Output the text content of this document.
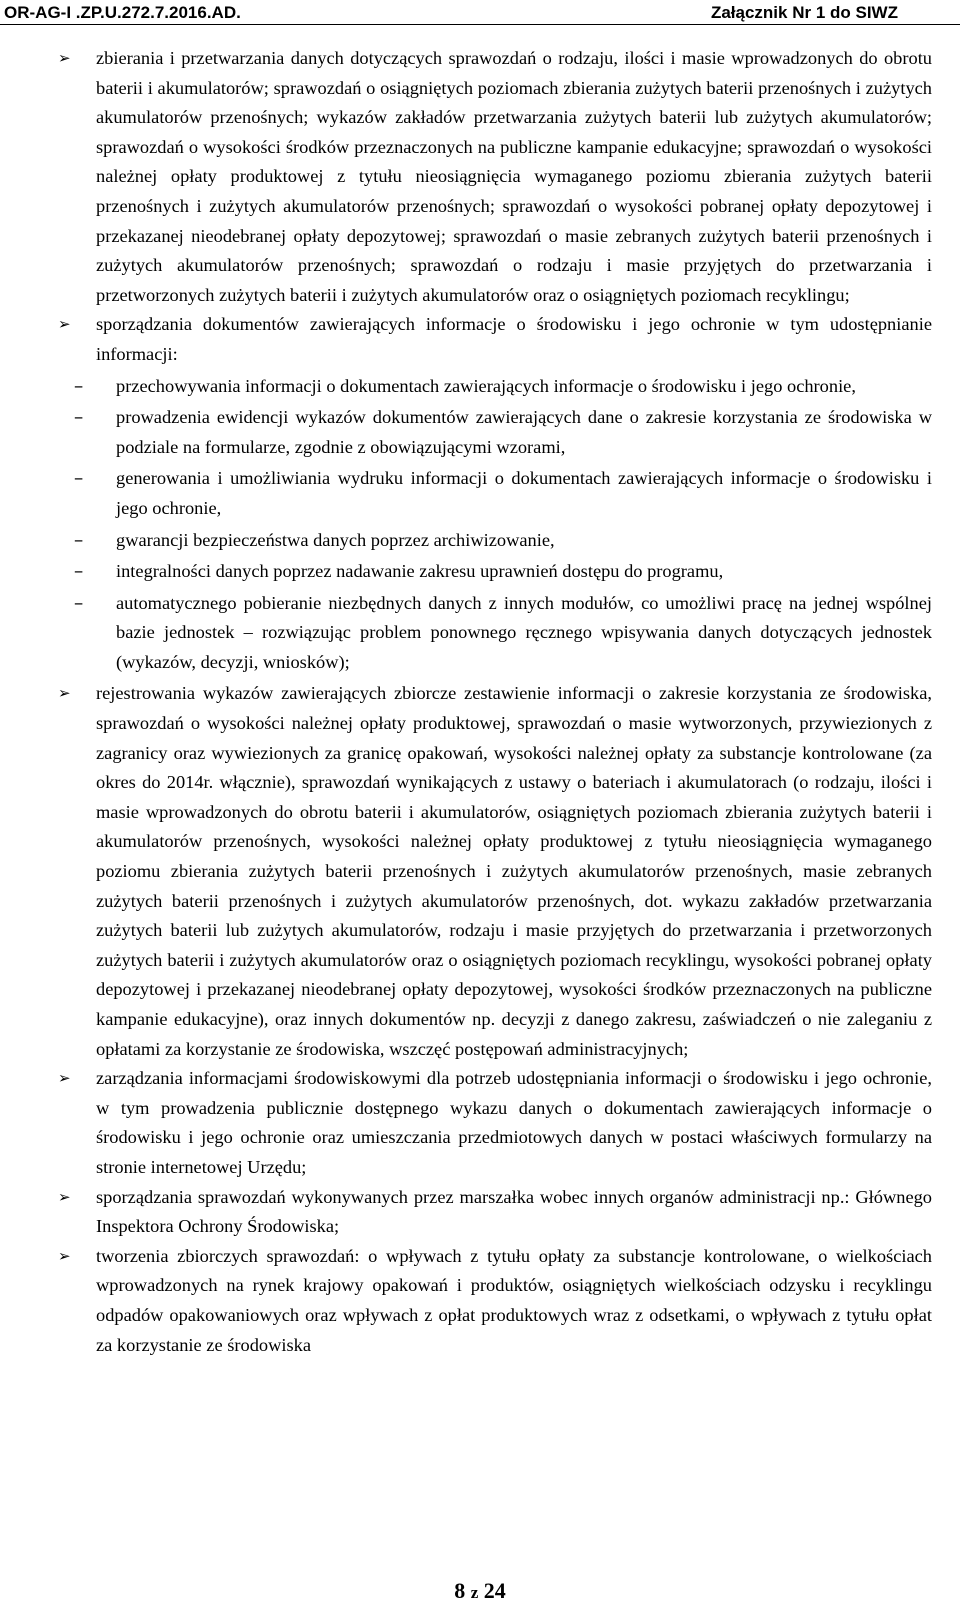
OR-AG-I .ZP.U.272.7.2016.AD.	Załącznik Nr 1 do SIWZ
➢ zbierania i przetwarzania danych dotyczących sprawozdań o rodzaju, ilości i masie wprowadzonych do obrotu baterii i akumulatorów; sprawozdań o osiągniętych poziomach zbierania zużytych baterii przenośnych i zużytych akumulatorów przenośnych; wykazów zakładów przetwarzania zużytych baterii lub zużytych akumulatorów; sprawozdań o wysokości środków przeznaczonych na publiczne kampanie edukacyjne; sprawozdań o wysokości należnej opłaty produktowej z tytułu nieosiągnięcia wymaganego poziomu zbierania zużytych baterii przenośnych i zużytych akumulatorów przenośnych; sprawozdań o wysokości pobranej opłaty depozytowej i przekazanej nieodebranej opłaty depozytowej; sprawozdań o masie zebranych zużytych baterii przenośnych i zużytych akumulatorów przenośnych; sprawozdań o rodzaju i masie przyjętych do przetwarzania i przetworzonych zużytych baterii i zużytych akumulatorów oraz o osiągniętych poziomach recyklingu;
➢ sporządzania dokumentów zawierających informacje o środowisku i jego ochronie w tym udostępnianie informacji:
– przechowywania informacji o dokumentach zawierających informacje o środowisku i jego ochronie,
– prowadzenia ewidencji wykazów dokumentów zawierających dane o zakresie korzystania ze środowiska w podziale na formularze, zgodnie z obowiązującymi wzorami,
– generowania i umożliwiania wydruku informacji o dokumentach zawierających informacje o środowisku i jego ochronie,
– gwarancji bezpieczeństwa danych poprzez archiwizowanie,
– integralności danych poprzez nadawanie zakresu uprawnień dostępu do programu,
– automatycznego pobieranie niezbędnych danych z innych modułów, co umożliwi pracę na jednej wspólnej bazie jednostek – rozwiązując problem ponownego ręcznego wpisywania danych dotyczących jednostek (wykazów, decyzji, wniosków);
➢ rejestrowania wykazów zawierających zbiorcze zestawienie informacji o zakresie korzystania ze środowiska, sprawozdań o wysokości należnej opłaty produktowej, sprawozdań o masie wytworzonych, przywiezionych z zagranicy oraz wywiezionych za granicę opakowań, wysokości należnej opłaty za substancje kontrolowane (za okres do 2014r. włącznie), sprawozdań wynikających z ustawy o bateriach i akumulatorach (o rodzaju, ilości i masie wprowadzonych do obrotu baterii i akumulatorów, osiągniętych poziomach zbierania zużytych baterii i akumulatorów przenośnych, wysokości należnej opłaty produktowej z tytułu nieosiągnięcia wymaganego poziomu zbierania zużytych baterii przenośnych i zużytych akumulatorów przenośnych, masie zebranych zużytych baterii przenośnych i zużytych akumulatorów przenośnych, dot. wykazu zakładów przetwarzania zużytych baterii lub zużytych akumulatorów, rodzaju i masie przyjętych do przetwarzania i przetworzonych zużytych baterii i zużytych akumulatorów oraz o osiągniętych poziomach recyklingu, wysokości pobranej opłaty depozytowej i przekazanej nieodebranej opłaty depozytowej, wysokości środków przeznaczonych na publiczne kampanie edukacyjne), oraz innych dokumentów np. decyzji z danego zakresu, zaświadczeń o nie zaleganiu z opłatami za korzystanie ze środowiska, wszczęć postępowań administracyjnych;
➢ zarządzania informacjami środowiskowymi dla potrzeb udostępniania informacji o środowisku i jego ochronie, w tym prowadzenia publicznie dostępnego wykazu danych o dokumentach zawierających informacje o środowisku i jego ochronie oraz umieszczania przedmiotowych danych w postaci właściwych formularzy na stronie internetowej Urzędu;
➢ sporządzania sprawozdań wykonywanych przez marszałka wobec innych organów administracji np.: Głównego Inspektora Ochrony Środowiska;
➢ tworzenia zbiorczych sprawozdań: o wpływach z tytułu opłaty za substancje kontrolowane, o wielkościach wprowadzonych na rynek krajowy opakowań i produktów, osiągniętych wielkościach odzysku i recyklingu odpadów opakowaniowych oraz wpływach z opłat produktowych wraz z odsetkami, o wpływach z tytułu opłat za korzystanie ze środowiska
8 z 24
